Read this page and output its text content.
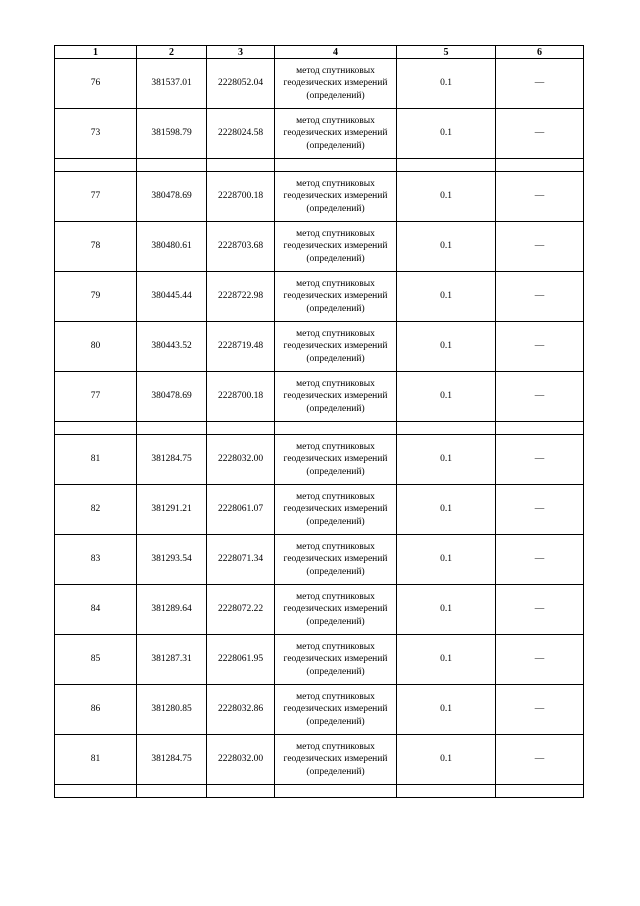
1	2	3	4	5	6
76	381537.01	2228052.04	метод спутниковых геодезических измерений (определений)	0.1	—
73	381598.79	2228024.58	метод спутниковых геодезических измерений (определений)	0.1	—

77	380478.69	2228700.18	метод спутниковых геодезических измерений (определений)	0.1	—
78	380480.61	2228703.68	метод спутниковых геодезических измерений (определений)	0.1	—
79	380445.44	2228722.98	метод спутниковых геодезических измерений (определений)	0.1	—
80	380443.52	2228719.48	метод спутниковых геодезических измерений (определений)	0.1	—
77	380478.69	2228700.18	метод спутниковых геодезических измерений (определений)	0.1	—

81	381284.75	2228032.00	метод спутниковых геодезических измерений (определений)	0.1	—
82	381291.21	2228061.07	метод спутниковых геодезических измерений (определений)	0.1	—
83	381293.54	2228071.34	метод спутниковых геодезических измерений (определений)	0.1	—
84	381289.64	2228072.22	метод спутниковых геодезических измерений (определений)	0.1	—
85	381287.31	2228061.95	метод спутниковых геодезических измерений (определений)	0.1	—
86	381280.85	2228032.86	метод спутниковых геодезических измерений (определений)	0.1	—
81	381284.75	2228032.00	метод спутниковых геодезических измерений (определений)	0.1	—
